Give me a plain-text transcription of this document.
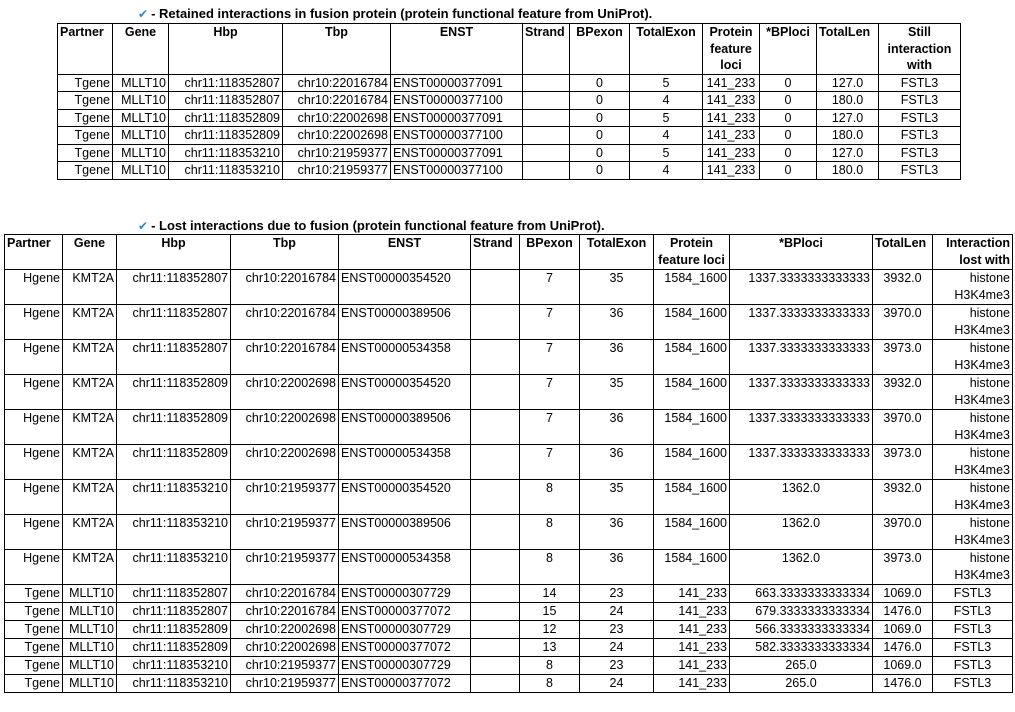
✔ - Retained interactions in fusion protein (protein functional feature from UniProt).
Partner	Gene	Hbp	Tbp	ENST	Strand	BPexon	TotalExon	Protein feature loci	*BPloci	TotalLen	Still interaction with
Tgene	MLLT10	chr11:118352807	chr10:22016784	ENST00000377091		0	5	141_233	0	127.0	FSTL3
Tgene	MLLT10	chr11:118352807	chr10:22016784	ENST00000377100		0	4	141_233	0	180.0	FSTL3
Tgene	MLLT10	chr11:118352809	chr10:22002698	ENST00000377091		0	5	141_233	0	127.0	FSTL3
Tgene	MLLT10	chr11:118352809	chr10:22002698	ENST00000377100		0	4	141_233	0	180.0	FSTL3
Tgene	MLLT10	chr11:118353210	chr10:21959377	ENST00000377091		0	5	141_233	0	127.0	FSTL3
Tgene	MLLT10	chr11:118353210	chr10:21959377	ENST00000377100		0	4	141_233	0	180.0	FSTL3
✔ - Lost interactions due to fusion (protein functional feature from UniProt).
Partner	Gene	Hbp	Tbp	ENST	Strand	BPexon	TotalExon	Protein feature loci	*BPloci	TotalLen	Interaction lost with
Hgene	KMT2A	chr11:118352807	chr10:22016784	ENST00000354520		7	35	1584_1600	1337.3333333333333	3932.0	histone H3K4me3
Hgene	KMT2A	chr11:118352807	chr10:22016784	ENST00000389506		7	36	1584_1600	1337.3333333333333	3970.0	histone H3K4me3
Hgene	KMT2A	chr11:118352807	chr10:22016784	ENST00000534358		7	36	1584_1600	1337.3333333333333	3973.0	histone H3K4me3
Hgene	KMT2A	chr11:118352809	chr10:22002698	ENST00000354520		7	35	1584_1600	1337.3333333333333	3932.0	histone H3K4me3
Hgene	KMT2A	chr11:118352809	chr10:22002698	ENST00000389506		7	36	1584_1600	1337.3333333333333	3970.0	histone H3K4me3
Hgene	KMT2A	chr11:118352809	chr10:22002698	ENST00000534358		7	36	1584_1600	1337.3333333333333	3973.0	histone H3K4me3
Hgene	KMT2A	chr11:118353210	chr10:21959377	ENST00000354520		8	35	1584_1600	1362.0	3932.0	histone H3K4me3
Hgene	KMT2A	chr11:118353210	chr10:21959377	ENST00000389506		8	36	1584_1600	1362.0	3970.0	histone H3K4me3
Hgene	KMT2A	chr11:118353210	chr10:21959377	ENST00000534358		8	36	1584_1600	1362.0	3973.0	histone H3K4me3
Tgene	MLLT10	chr11:118352807	chr10:22016784	ENST00000307729		14	23	141_233	663.3333333333334	1069.0	FSTL3
Tgene	MLLT10	chr11:118352807	chr10:22016784	ENST00000377072		15	24	141_233	679.3333333333334	1476.0	FSTL3
Tgene	MLLT10	chr11:118352809	chr10:22002698	ENST00000307729		12	23	141_233	566.3333333333334	1069.0	FSTL3
Tgene	MLLT10	chr11:118352809	chr10:22002698	ENST00000377072		13	24	141_233	582.3333333333334	1476.0	FSTL3
Tgene	MLLT10	chr11:118353210	chr10:21959377	ENST00000307729		8	23	141_233	265.0	1069.0	FSTL3
Tgene	MLLT10	chr11:118353210	chr10:21959377	ENST00000377072		8	24	141_233	265.0	1476.0	FSTL3
